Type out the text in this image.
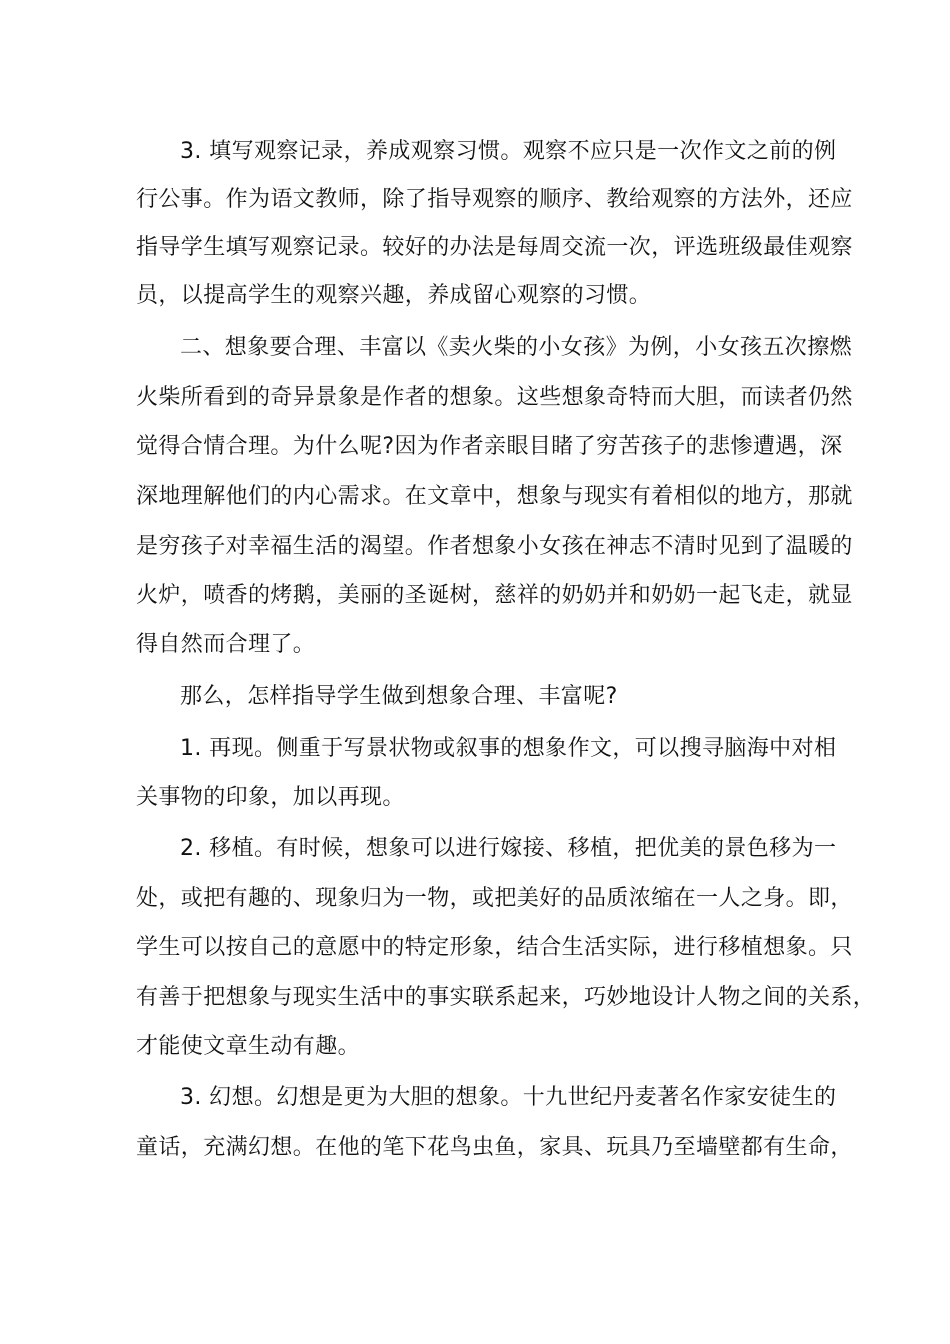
3. 填写观察记录，养成观察习惯。观察不应只是一次作文之前的例
行公事。作为语文教师，除了指导观察的顺序、教给观察的方法外，还应
指导学生填写观察记录。较好的办法是每周交流一次，评选班级最佳观察
员，以提高学生的观察兴趣，养成留心观察的习惯。
二、想象要合理、丰富以《卖火柴的小女孩》为例，小女孩五次擦燃
火柴所看到的奇异景象是作者的想象。这些想象奇特而大胆，而读者仍然
觉得合情合理。为什么呢?因为作者亲眼目睹了穷苦孩子的悲惨遭遇，深
深地理解他们的内心需求。在文章中，想象与现实有着相似的地方，那就
是穷孩子对幸福生活的渴望。作者想象小女孩在神志不清时见到了温暖的
火炉，喷香的烤鹅，美丽的圣诞树，慈祥的奶奶并和奶奶一起飞走，就显
得自然而合理了。
那么，怎样指导学生做到想象合理、丰富呢?
1. 再现。侧重于写景状物或叙事的想象作文，可以搜寻脑海中对相
关事物的印象，加以再现。
2. 移植。有时候，想象可以进行嫁接、移植，把优美的景色移为一
处，或把有趣的、现象归为一物，或把美好的品质浓缩在一人之身。即，
学生可以按自己的意愿中的特定形象，结合生活实际，进行移植想象。只
有善于把想象与现实生活中的事实联系起来，巧妙地设计人物之间的关系，
才能使文章生动有趣。
3. 幻想。幻想是更为大胆的想象。十九世纪丹麦著名作家安徒生的
童话，充满幻想。在他的笔下花鸟虫鱼，家具、玩具乃至墙壁都有生命，
